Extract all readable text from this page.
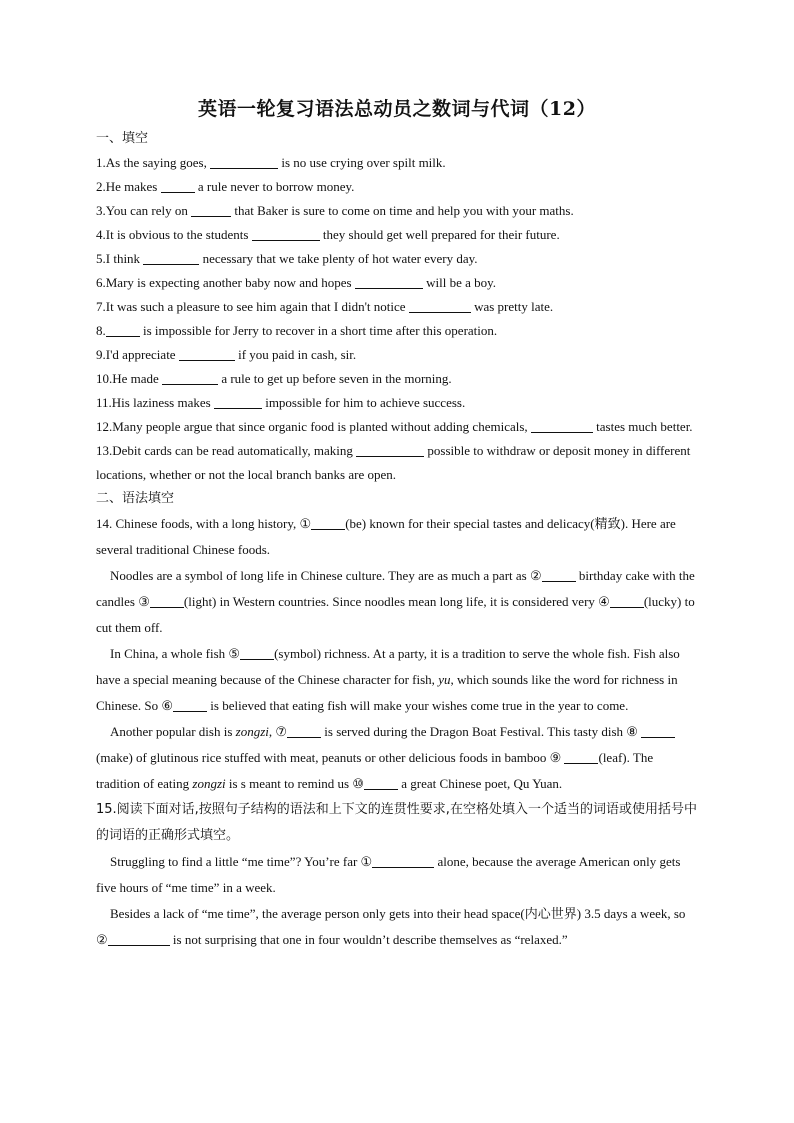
英语一轮复习语法总动员之数词与代词（12）

一、填空

1.As the saying goes,	is no use crying over spilt milk.

2.He makes	a rule never to borrow money.

3.You can rely on	that Baker is sure to come on time and help you with your maths.

4.It is obvious to the students	they should get well prepared for their future.

5.I think	necessary that we take plenty of hot water every day.

6.Mary is expecting another baby now and hopes	will be a boy.

7.It was such a pleasure to see him again that I didn't notice	was pretty late.

8.	is impossible for Jerry to recover in a short time after this operation.

9.I'd appreciate	if you paid in cash, sir.

10.He made	a rule to get up before seven in the morning.

11.His laziness makes	impossible for him to achieve success.

12.Many people argue that since organic food is planted without adding chemicals,	tastes much better.

13.Debit cards can be read automatically, making	possible to withdraw or deposit money in different locations, whether or not the local branch banks are open.

二、语法填空

14. Chinese foods, with a long history, ①	(be) known for their special tastes and delicacy(精致). Here are several traditional Chinese foods.

Noodles are a symbol of long life in Chinese culture. They are as much a part as ②	birthday cake with the candles ③	(light) in Western countries. Since noodles mean long life, it is considered very ④	(lucky) to cut them off.

In China, a whole fish ⑤	(symbol) richness. At a party, it is a tradition to serve the whole fish. Fish also have a special meaning because of the Chinese character for fish, yu, which sounds like the word for richness in Chinese. So ⑥	is believed that eating fish will make your wishes come true in the year to come.

Another popular dish is zongzi, ⑦	is served during the Dragon Boat Festival. This tasty dish ⑧ (make) of glutinous rice stuffed with meat, peanuts or other delicious foods in bamboo ⑨	(leaf). The tradition of eating zongzi is s meant to remind us ⑩	a great Chinese poet, Qu Yuan.

15.阅读下面对话,按照句子结构的语法和上下文的连贯性要求,在空格处填入一个适当的词语或使用括号中的词语的正确形式填空。

Struggling to find a little “me time”? You’re far ①	alone, because the average American only gets five hours of “me time” in a week.

Besides a lack of “me time”, the average person only gets into their head space(内心世界) 3.5 days a week, so ②	is not surprising that one in four wouldn’t describe themselves as “relaxed.”
